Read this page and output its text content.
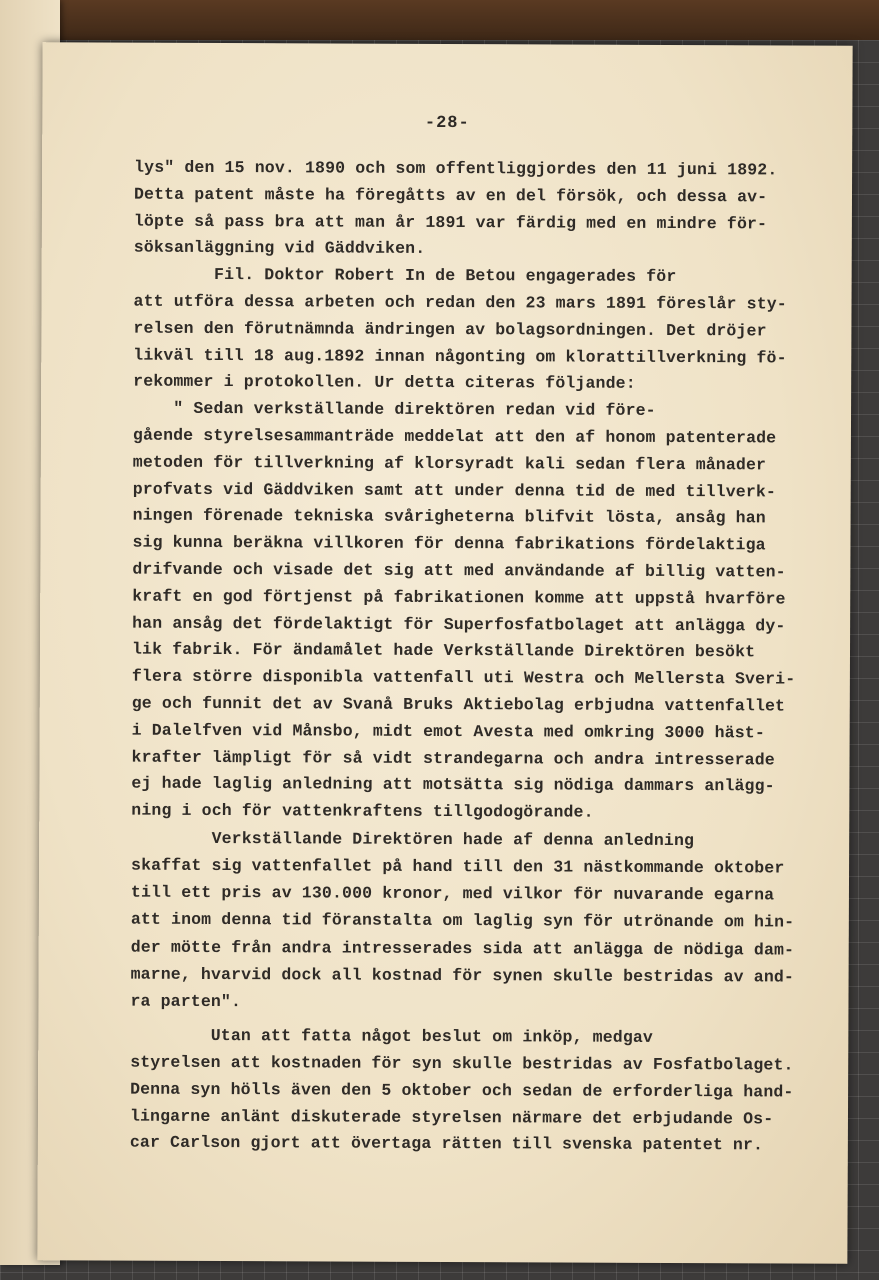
-28-
lys" den 15 nov. 1890 och som offentliggjordes den 11 juni 1892.
Detta patent måste ha föregåtts av en del försök, och dessa av-
löpte så pass bra att man år 1891 var färdig med en mindre för-
söksanläggning vid Gäddviken.
Fil. Doktor Robert In de Betou engagerades för
att utföra dessa arbeten och redan den 23 mars 1891 föreslår sty-
relsen den förutnämnda ändringen av bolagsordningen. Det dröjer
likväl till 18 aug.1892 innan någonting om klorattillverkning fö-
rekommer i protokollen. Ur detta citeras följande:
" Sedan verkställande direktören redan vid före-
gående styrelsesammanträde meddelat att den af honom patenterade
metoden för tillverkning af klorsyradt kali sedan flera månader
profvats vid Gäddviken samt att under denna tid de med tillverk-
ningen förenade tekniska svårigheterna blifvit lösta, ansåg han
sig kunna beräkna villkoren för denna fabrikations fördelaktiga
drifvande och visade det sig att med användande af billig vatten-
kraft en god förtjenst på fabrikationen komme att uppstå hvarföre
han ansåg det fördelaktigt för Superfosfatbolaget att anlägga dy-
lik fabrik. För ändamålet hade Verkställande Direktören besökt
flera större disponibla vattenfall uti Westra och Mellersta Sveri-
ge och funnit det av Svanå Bruks Aktiebolag erbjudna vattenfallet
i Dalelfven vid Månsbo, midt emot Avesta med omkring 3000 häst-
krafter lämpligt för så vidt strandegarna och andra intresserade
ej hade laglig anledning att motsätta sig nödiga dammars anlägg-
ning i och för vattenkraftens tillgodogörande.
Verkställande Direktören hade af denna anledning
skaffat sig vattenfallet på hand till den 31 nästkommande oktober
till ett pris av 130.000 kronor, med vilkor för nuvarande egarna
att inom denna tid föranstalta om laglig syn för utrönande om hin-
der mötte från andra intresserades sida att anlägga de nödiga dam-
marne, hvarvid dock all kostnad för synen skulle bestridas av and-
ra parten".
Utan att fatta något beslut om inköp, medgav
styrelsen att kostnaden för syn skulle bestridas av Fosfatbolaget.
Denna syn hölls även den 5 oktober och sedan de erforderliga hand-
lingarne anlänt diskuterade styrelsen närmare det erbjudande Os-
car Carlson gjort att övertaga rätten till svenska patentet nr.
